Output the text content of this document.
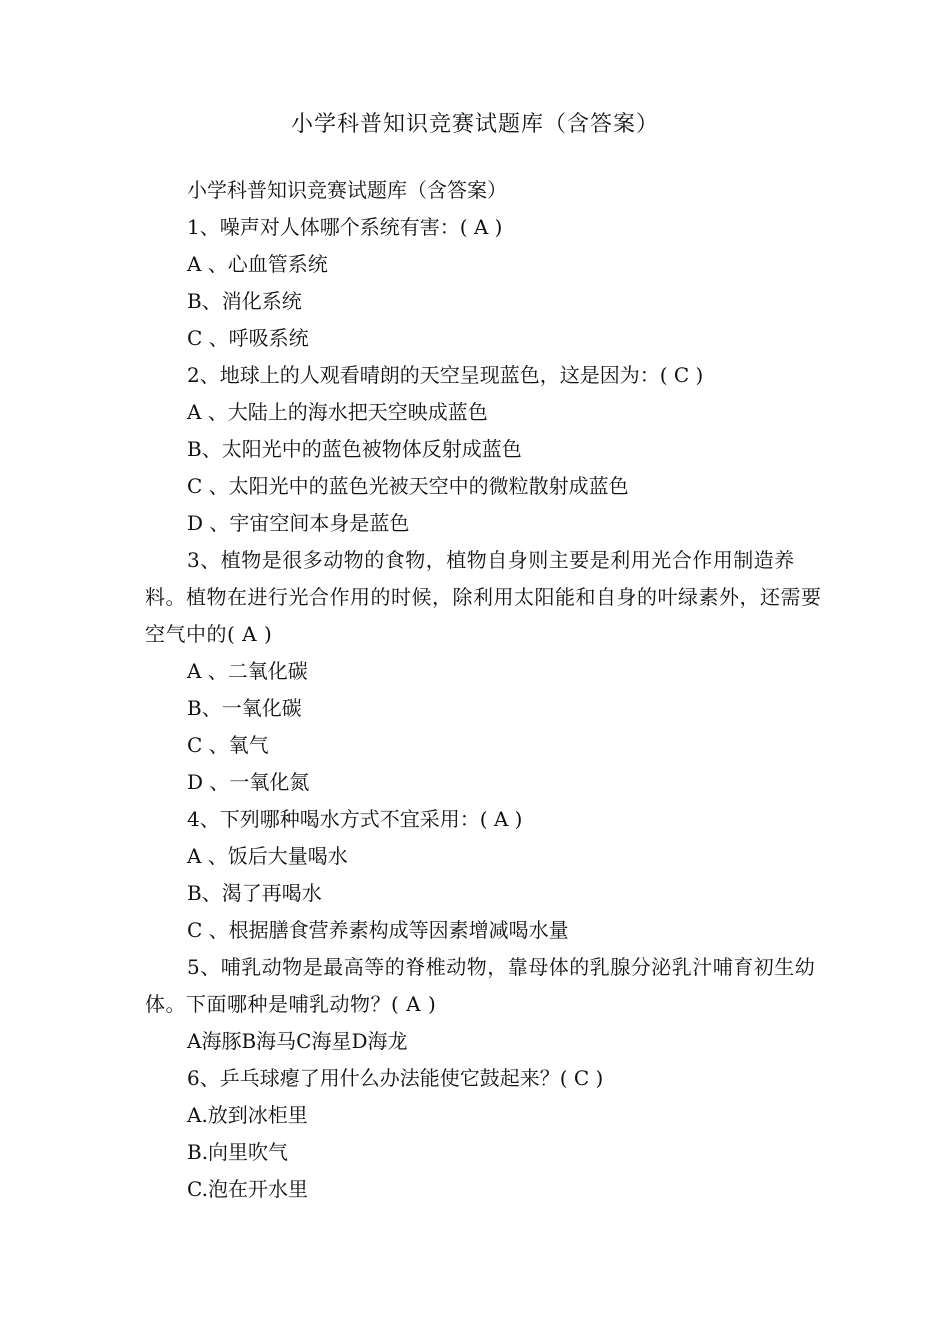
小学科普知识竞赛试题库（含答案）

小学科普知识竞赛试题库（含答案）

1、噪声对人体哪个系统有害：( A )

A 、心血管系统

B、消化系统

C 、呼吸系统

2、地球上的人观看晴朗的天空呈现蓝色，这是因为：( C )

A 、大陆上的海水把天空映成蓝色

B、太阳光中的蓝色被物体反射成蓝色

C 、太阳光中的蓝色光被天空中的微粒散射成蓝色

D 、宇宙空间本身是蓝色

3、植物是很多动物的食物，植物自身则主要是利用光合作用制造养料。植物在进行光合作用的时候，除利用太阳能和自身的叶绿素外，还需要空气中的( A )

A 、二氧化碳

B、一氧化碳

C 、氧气

D 、一氧化氮

4、下列哪种喝水方式不宜采用：( A )

A 、饭后大量喝水

B、渴了再喝水

C 、根据膳食营养素构成等因素增减喝水量

5、哺乳动物是最高等的脊椎动物，靠母体的乳腺分泌乳汁哺育初生幼体。下面哪种是哺乳动物？( A )

A海豚B海马C海星D海龙

6、乒乓球瘪了用什么办法能使它鼓起来？( C )

A.放到冰柜里

B.向里吹气

C.泡在开水里
